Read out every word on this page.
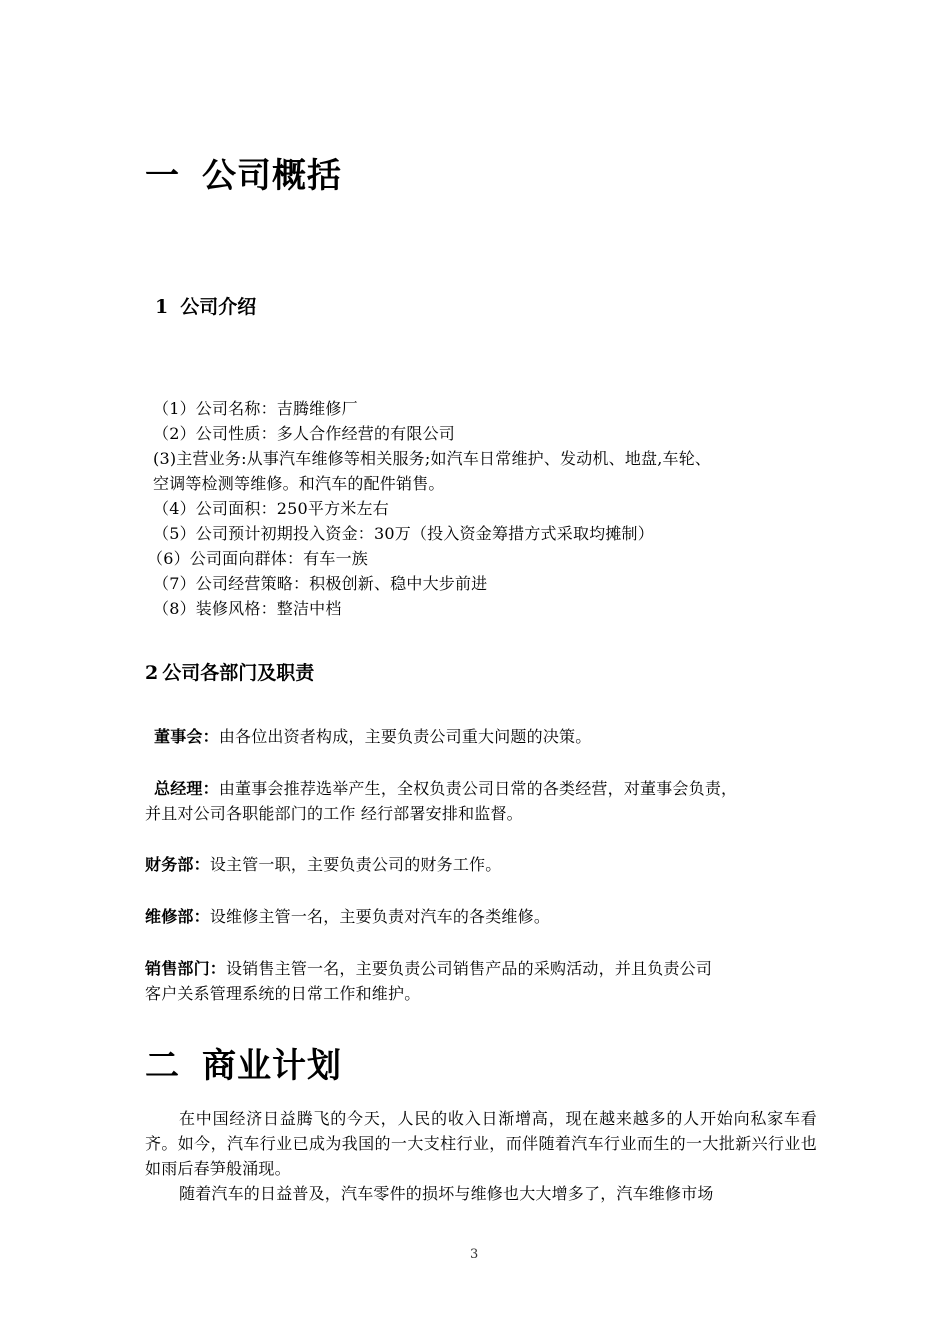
一 公司概括
1 公司介绍
（1）公司名称：吉腾维修厂
（2）公司性质：多人合作经营的有限公司
(3)主营业务:从事汽车维修等相关服务;如汽车日常维护、发动机、地盘,车轮、
空调等检测等维修。和汽车的配件销售。
（4）公司面积：250平方米左右
（5）公司预计初期投入资金：30万（投入资金筹措方式采取均摊制）
（6）公司面向群体：有车一族
（7）公司经营策略：积极创新、稳中大步前进
（8）装修风格：整洁中档
2 公司各部门及职责
董事会：由各位出资者构成，主要负责公司重大问题的决策。
总经理：由董事会推荐选举产生，全权负责公司日常的各类经营，对董事会负责，
并且对公司各职能部门的工作 经行部署安排和监督。
财务部：设主管一职，主要负责公司的财务工作。
维修部：设维修主管一名，主要负责对汽车的各类维修。
销售部门：设销售主管一名，主要负责公司销售产品的采购活动，并且负责公司
客户关系管理系统的日常工作和维护。
二 商业计划
在中国经济日益腾飞的今天，人民的收入日渐增高，现在越来越多的人开始向私家车看齐。如今，汽车行业已成为我国的一大支柱行业，而伴随着汽车行业而生的一大批新兴行业也如雨后春笋般涌现。
随着汽车的日益普及，汽车零件的损坏与维修也大大增多了，汽车维修市场
3
